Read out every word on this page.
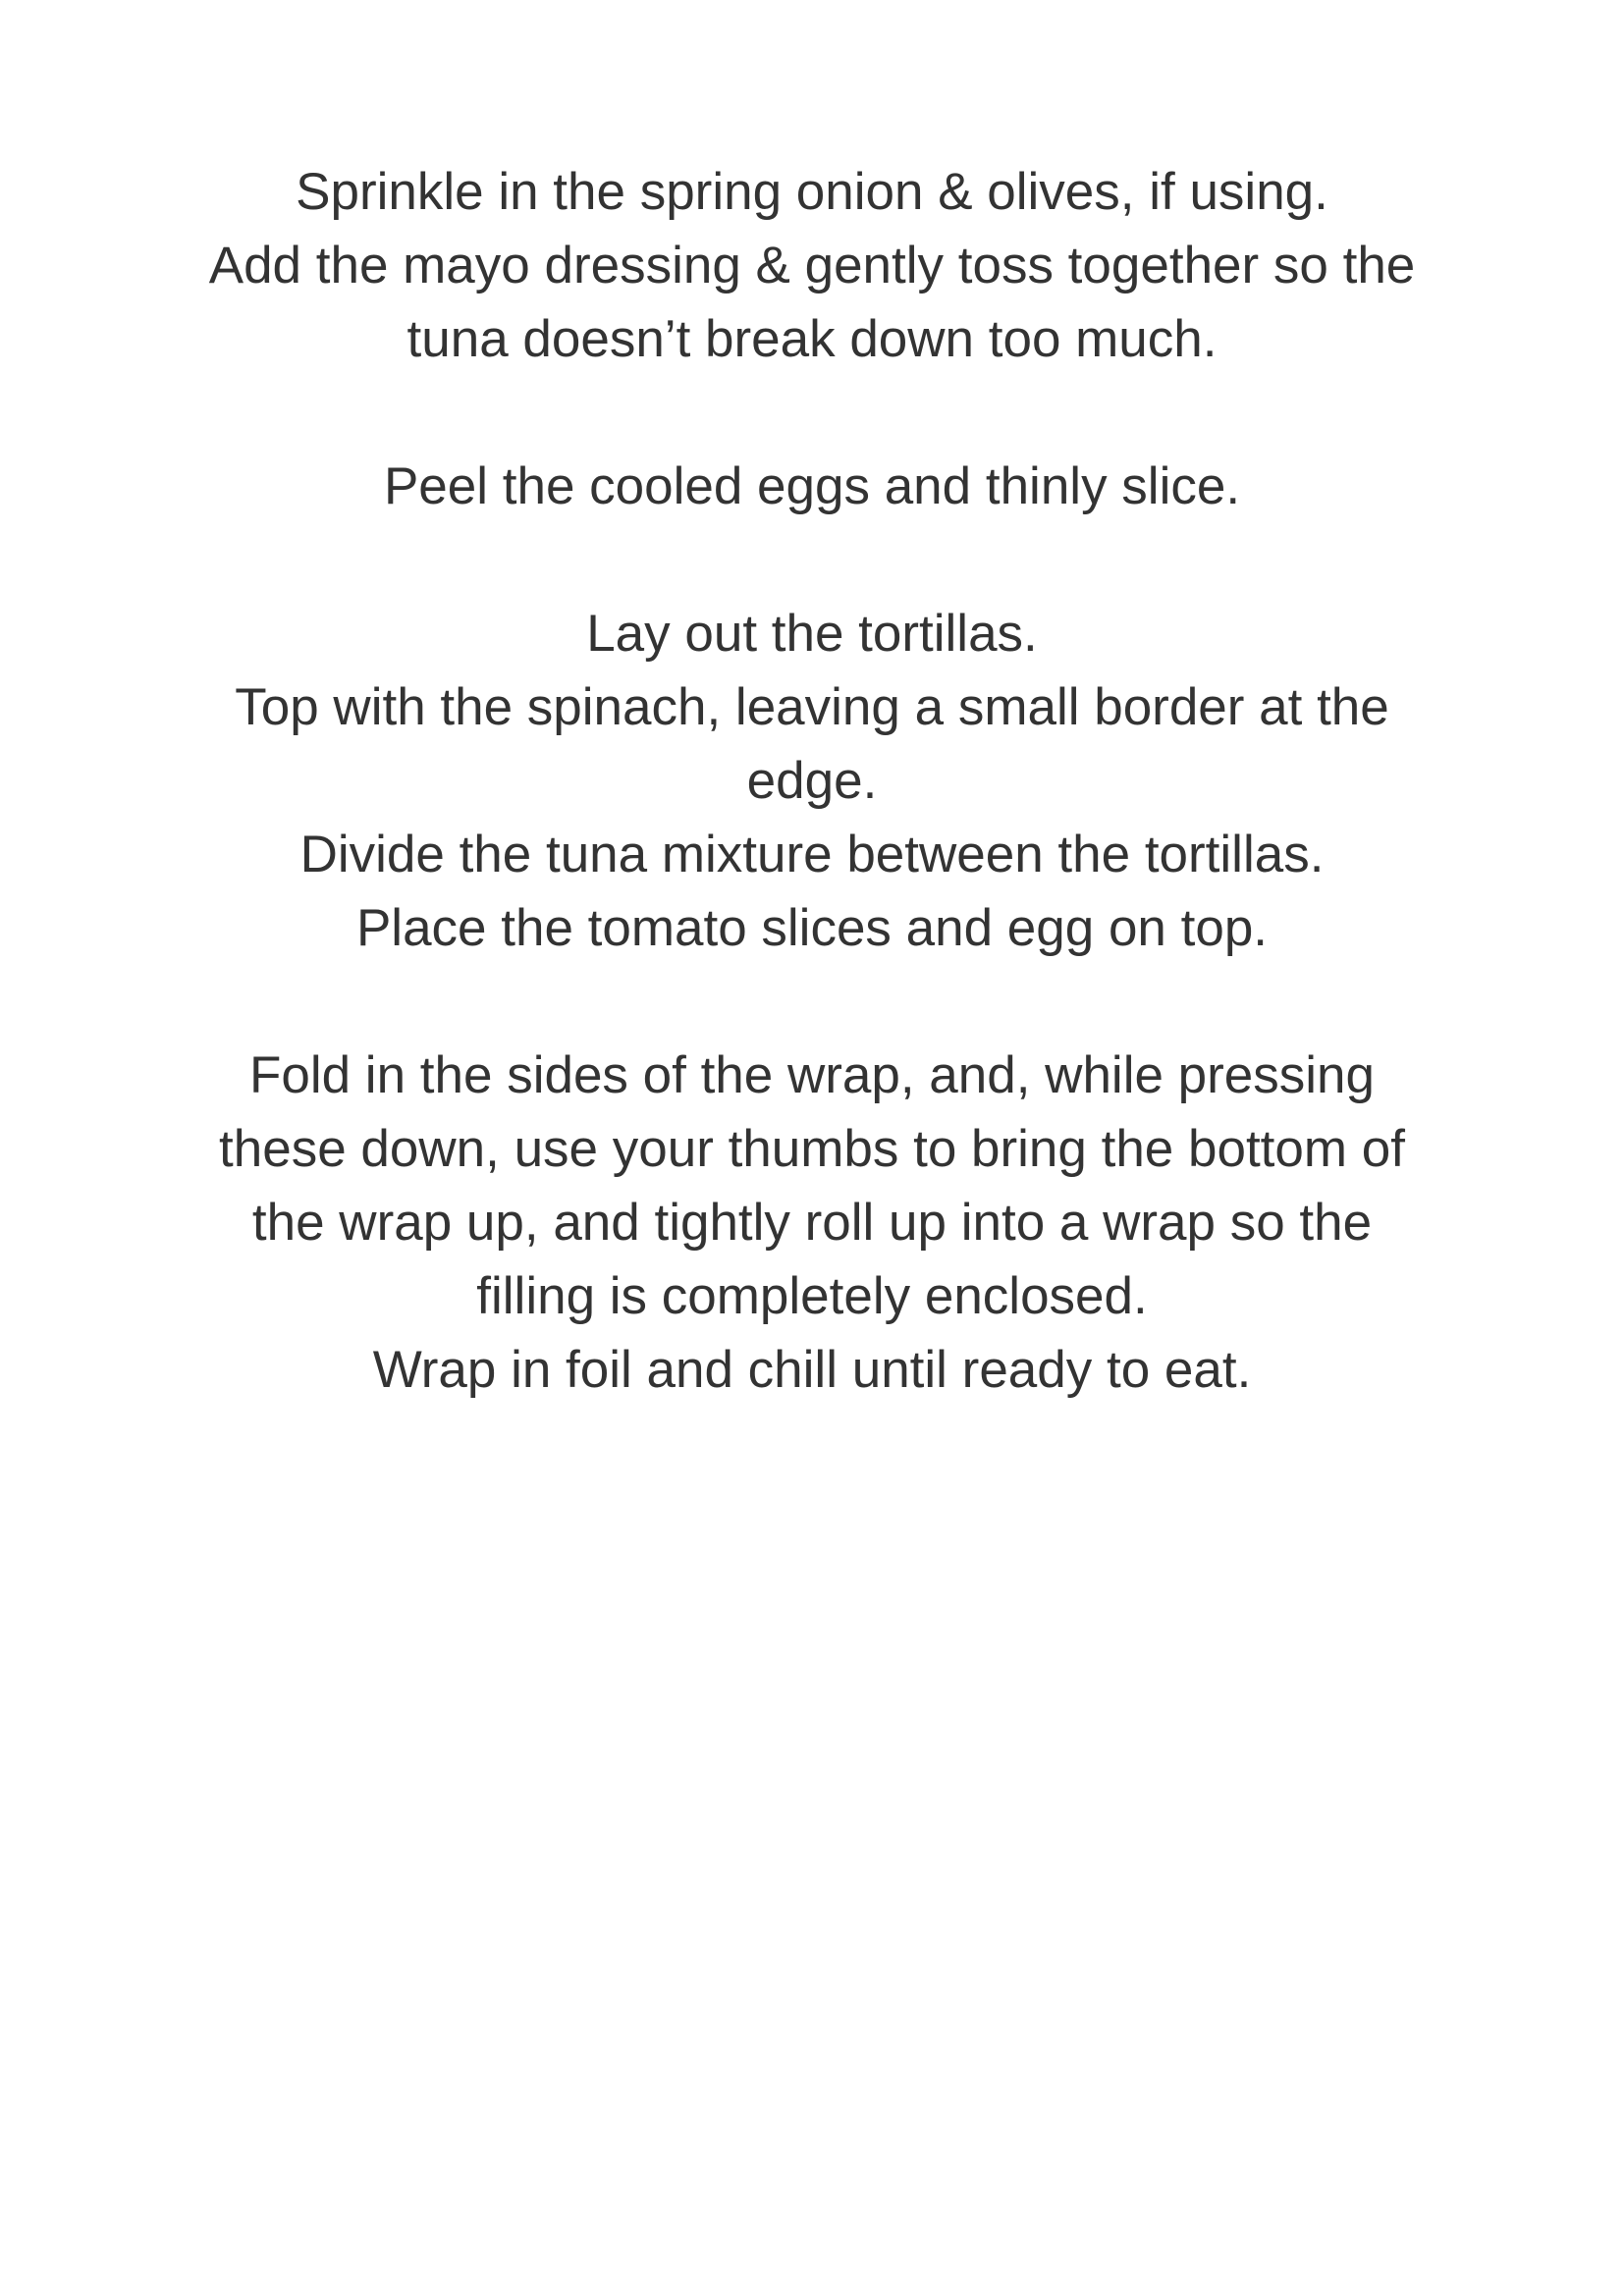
Sprinkle in the spring onion & olives, if using.
Add the mayo dressing & gently toss together so the
tuna doesn’t break down too much.

Peel the cooled eggs and thinly slice.

Lay out the tortillas.
Top with the spinach, leaving a small border at the
edge.
Divide the tuna mixture between the tortillas.
Place the tomato slices and egg on top.

Fold in the sides of the wrap, and, while pressing
these down, use your thumbs to bring the bottom of
the wrap up, and tightly roll up into a wrap so the
filling is completely enclosed.
Wrap in foil and chill until ready to eat.
